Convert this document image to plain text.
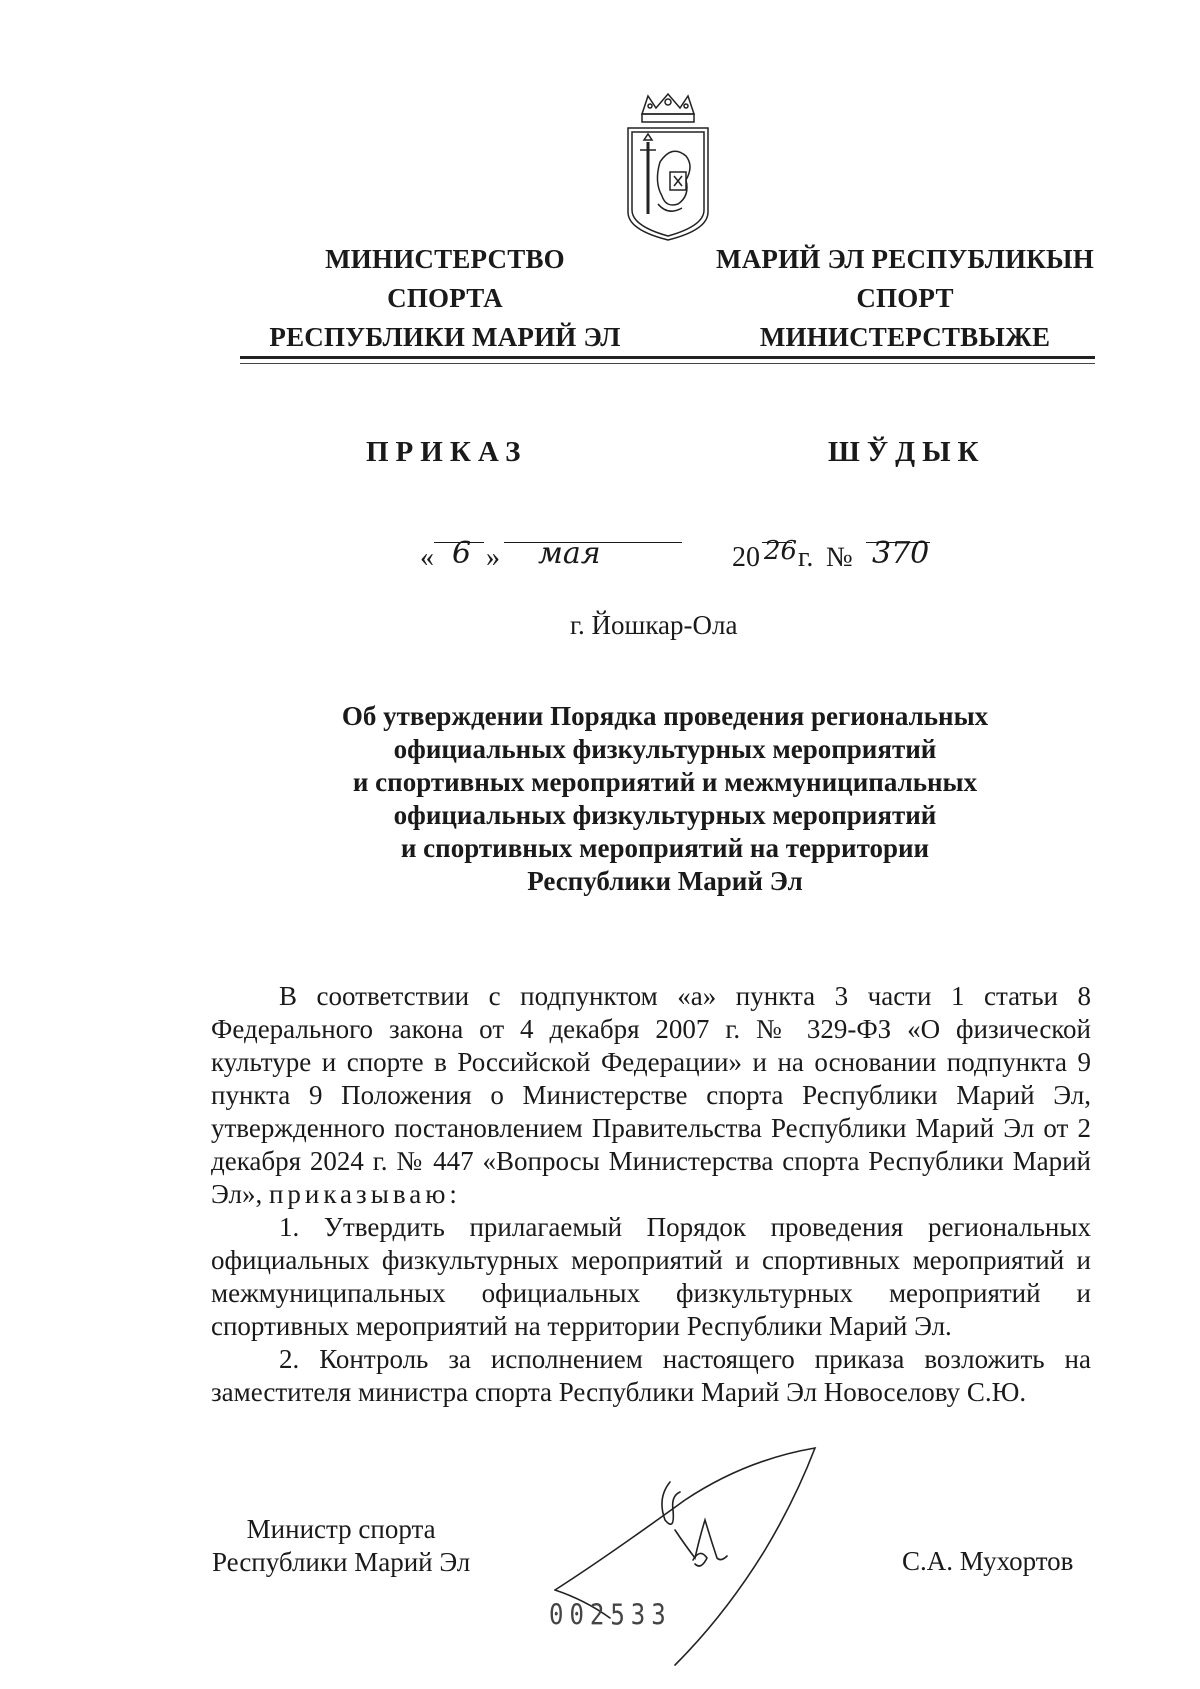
МИНИСТЕРСТВО
СПОРТА
РЕСПУБЛИКИ МАРИЙ ЭЛ
МАРИЙ ЭЛ РЕСПУБЛИКЫН
СПОРТ
МИНИСТЕРСТВЫЖЕ
ПРИКАЗ	ШЎДЫК
« 6 » мая	20 26 г. № 370
г. Йошкар-Ола
Об утверждении Порядка проведения региональных
официальных физкультурных мероприятий
и спортивных мероприятий и межмуниципальных
официальных физкультурных мероприятий
и спортивных мероприятий на территории
Республики Марий Эл

В соответствии с подпунктом «а» пункта 3 части 1 статьи 8 Федерального закона от 4 декабря 2007 г. № 329-ФЗ «О физической культуре и спорте в Российской Федерации» и на основании подпункта 9 пункта 9 Положения о Министерстве спорта Республики Марий Эл, утвержденного постановлением Правительства Республики Марий Эл от 2 декабря 2024 г. № 447 «Вопросы Министерства спорта Республики Марий Эл», приказываю:

1. Утвердить прилагаемый Порядок проведения региональных официальных физкультурных мероприятий и спортивных мероприятий и межмуниципальных официальных физкультурных мероприятий и спортивных мероприятий на территории Республики Марий Эл.

2. Контроль за исполнением настоящего приказа возложить на заместителя министра спорта Республики Марий Эл Новоселову С.Ю.

Министр спорта
Республики Марий Эл	С.А. Мухортов
002533
